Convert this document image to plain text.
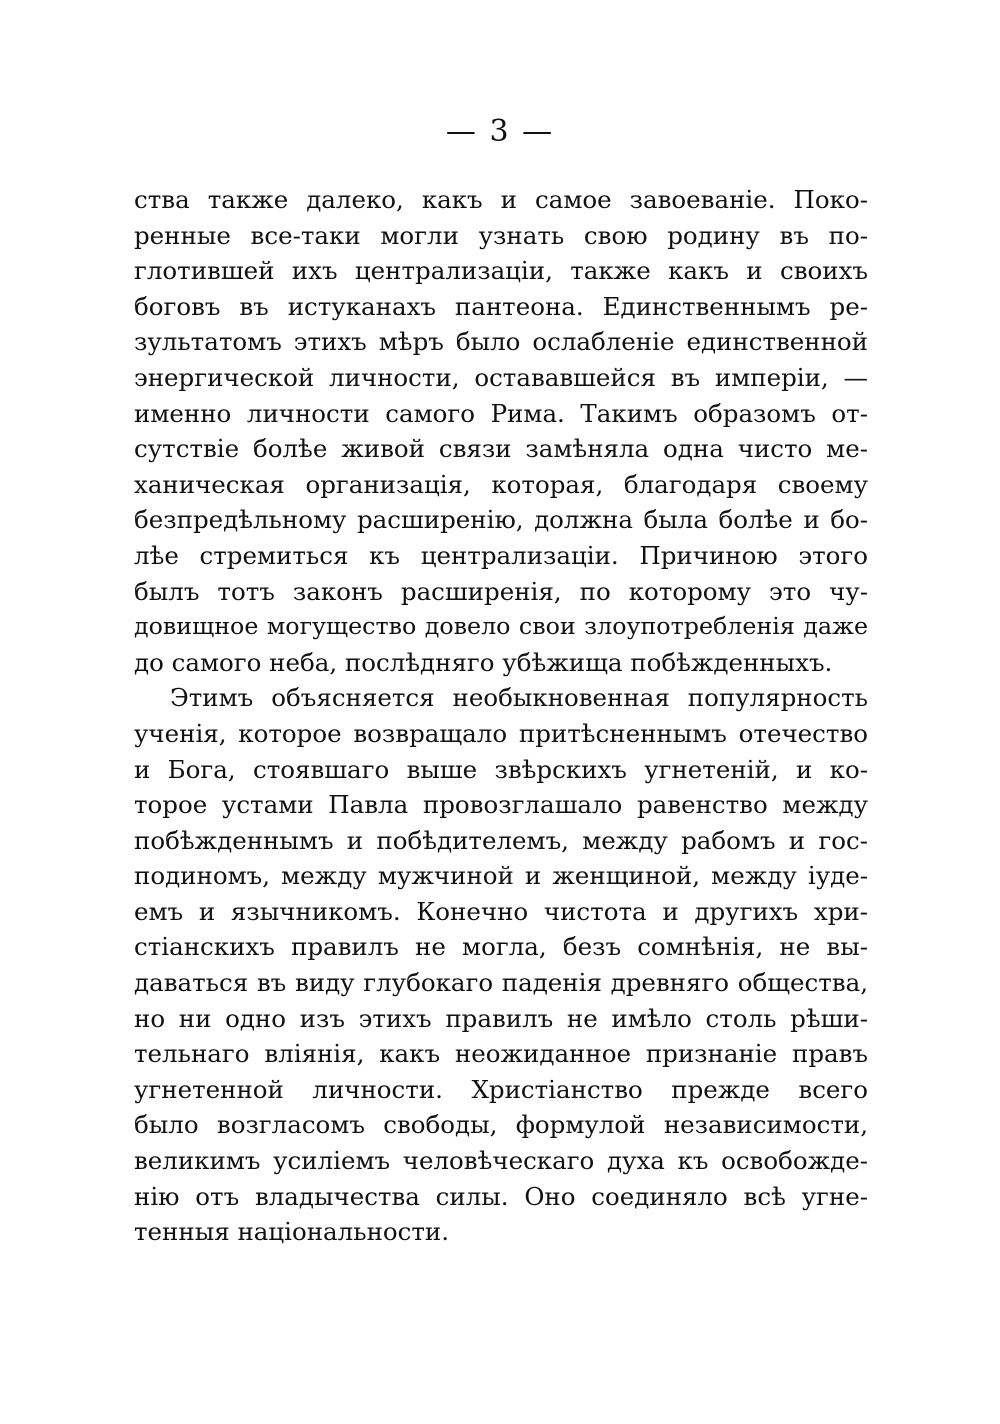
— 3 —
ства также далеко, какъ и самое завоеванiе. Поко-
ренные все-таки могли узнать свою родину въ по-
глотившей ихъ централизацiи, также какъ и своихъ
боговъ въ истуканахъ пантеона. Единственнымъ ре-
зультатомъ этихъ мѣръ было ослабленiе единственной
энергической личности, остававшейся въ имперiи, —
именно личности самого Рима. Такимъ образомъ от-
сутствiе болѣе живой связи замѣняла одна чисто ме-
ханическая организацiя, которая, благодаря своему
безпредѣльному расширенiю, должна была болѣе и бо-
лѣе стремиться къ централизацiи. Причиною этого
былъ тотъ законъ расширенiя, по которому это чу-
довищное могущество довело свои злоупотребленiя даже
до самого неба, послѣдняго убѣжища побѣжденныхъ.
Этимъ объясняется необыкновенная популярность
ученiя, которое возвращало притѣсненнымъ отечество
и Бога, стоявшаго выше звѣрскихъ угнетенiй, и ко-
торое устами Павла провозглашало равенство между
побѣжденнымъ и побѣдителемъ, между рабомъ и гос-
подиномъ, между мужчиной и женщиной, между iуде-
емъ и язычникомъ. Конечно чистота и другихъ хри-
стiанскихъ правилъ не могла, безъ сомнѣнiя, не вы-
даваться въ виду глубокаго паденiя древняго общества,
но ни одно изъ этихъ правилъ не имѣло столь рѣши-
тельнаго влiянiя, какъ неожиданное признанiе правъ
угнетенной личности. Христiанство прежде всего
было возгласомъ свободы, формулой независимости,
великимъ усилiемъ человѣческаго духа къ освобожде-
нiю отъ владычества силы. Оно соединяло всѣ угне-
тенныя нацiональности.
